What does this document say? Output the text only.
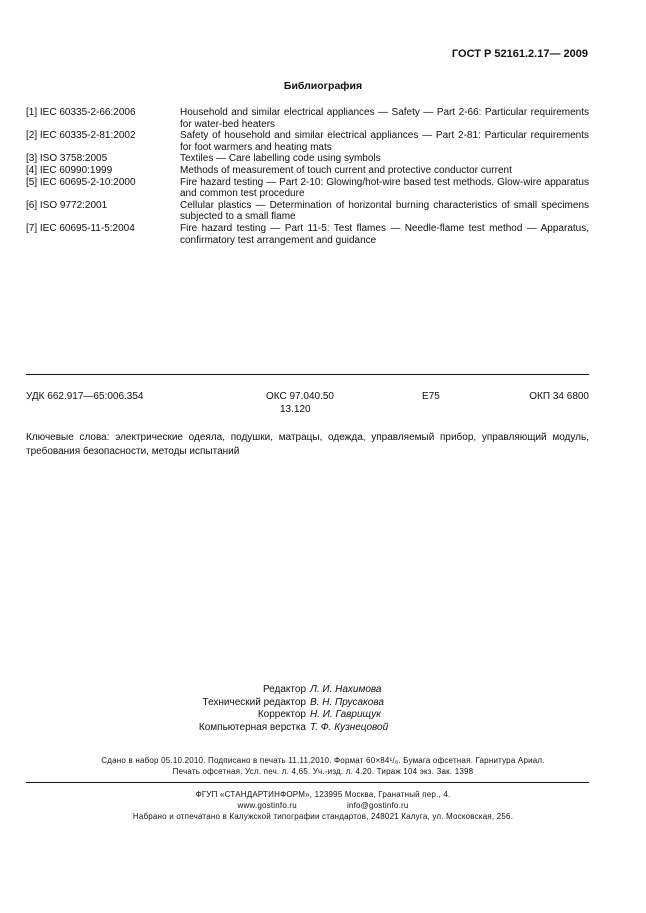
ГОСТ Р 52161.2.17— 2009
Библиография
[1] IEC 60335-2-66:2006	Household and similar electrical appliances — Safety — Part 2-66: Particular requirements for water-bed heaters
[2] IEC 60335-2-81:2002	Safety of household and similar electrical appliances — Part 2-81: Particular requirements for foot warmers and heating mats
[3] ISO 3758:2005	Textiles — Care labelling code using symbols
[4] IEC 60990:1999	Methods of measurement of touch current and protective conductor current
[5] IEC 60695-2-10:2000	Fire hazard testing — Part 2-10: Glowing/hot-wire based test methods. Glow-wire apparatus and common test procedure
[6] ISO 9772:2001	Cellular plastics — Determination of horizontal burning characteristics of small specimens subjected to a small flame
[7] IEC 60695-11-5:2004	Fire hazard testing — Part 11-5: Test flames — Needle-flame test method — Apparatus, confirmatory test arrangement and guidance
УДК 662.917—65:006.354	ОКС 97.040.50
13.120
Е75	ОКП 34 6800
Ключевые слова: электрические одеяла, подушки, матрацы, одежда, управляемый прибор, управляющий модуль, требования безопасности, методы испытаний
Редактор Л. И. Нахимова
Технический редактор В. Н. Прусакова
Корректор Н. И. Гаврищук
Компьютерная верстка Т. Ф. Кузнецовой
Сдано в набор 05.10.2010. Подписано в печать 11.11.2010. Формат 60×84¹/₈. Бумага офсетная. Гарнитура Ариал.
Печать офсетная. Усл. печ. л. 4,65. Уч.-изд. л. 4.20. Тираж 104 экз. Зак. 1398
ФГУП «СТАНДАРТИНФОРМ», 123995 Москва, Гранатный пер., 4.
www.gostinfo.ru	info@gostinfo.ru
Набрано и отпечатано в Калужской типографии стандартов, 248021 Калуга, ул. Московская, 256.
